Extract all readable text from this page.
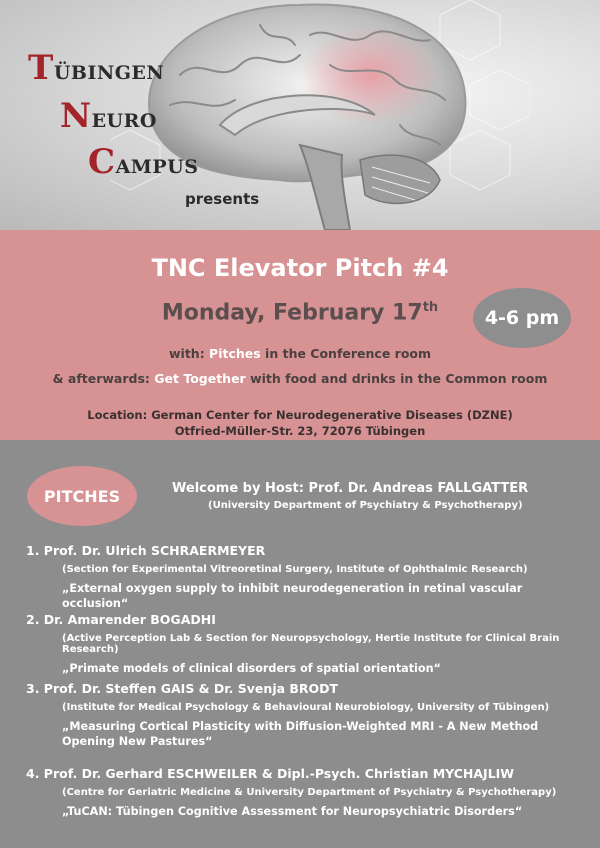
TÜBINGEN
NEURO
CAMPUS
presents
TNC Elevator Pitch #4
Monday, February 17th	4-6 pm
with: Pitches in the Conference room
& afterwards: Get Together with food and drinks in the Common room
Location: German Center for Neurodegenerative Diseases (DZNE)
Otfried-Müller-Str. 23, 72076 Tübingen
PITCHES	Welcome by Host: Prof. Dr. Andreas FALLGATTER
(University Department of Psychiatry & Psychotherapy)
1. Prof. Dr. Ulrich SCHRAERMEYER
(Section for Experimental Vitreoretinal Surgery, Institute of Ophthalmic Research)
„External oxygen supply to inhibit neurodegeneration in retinal vascular occlusion“
2. Dr. Amarender BOGADHI
(Active Perception Lab & Section for Neuropsychology, Hertie Institute for Clinical Brain Research)
„Primate models of clinical disorders of spatial orientation“
3. Prof. Dr. Steffen GAIS & Dr. Svenja BRODT
(Institute for Medical Psychology & Behavioural Neurobiology, University of Tübingen)
„Measuring Cortical Plasticity with Diffusion-Weighted MRI - A New Method Opening New Pastures“
4. Prof. Dr. Gerhard ESCHWEILER & Dipl.-Psych. Christian MYCHAJLIW
(Centre for Geriatric Medicine & University Department of Psychiatry & Psychotherapy)
„TuCAN: Tübingen Cognitive Assessment for Neuropsychiatric Disorders“
